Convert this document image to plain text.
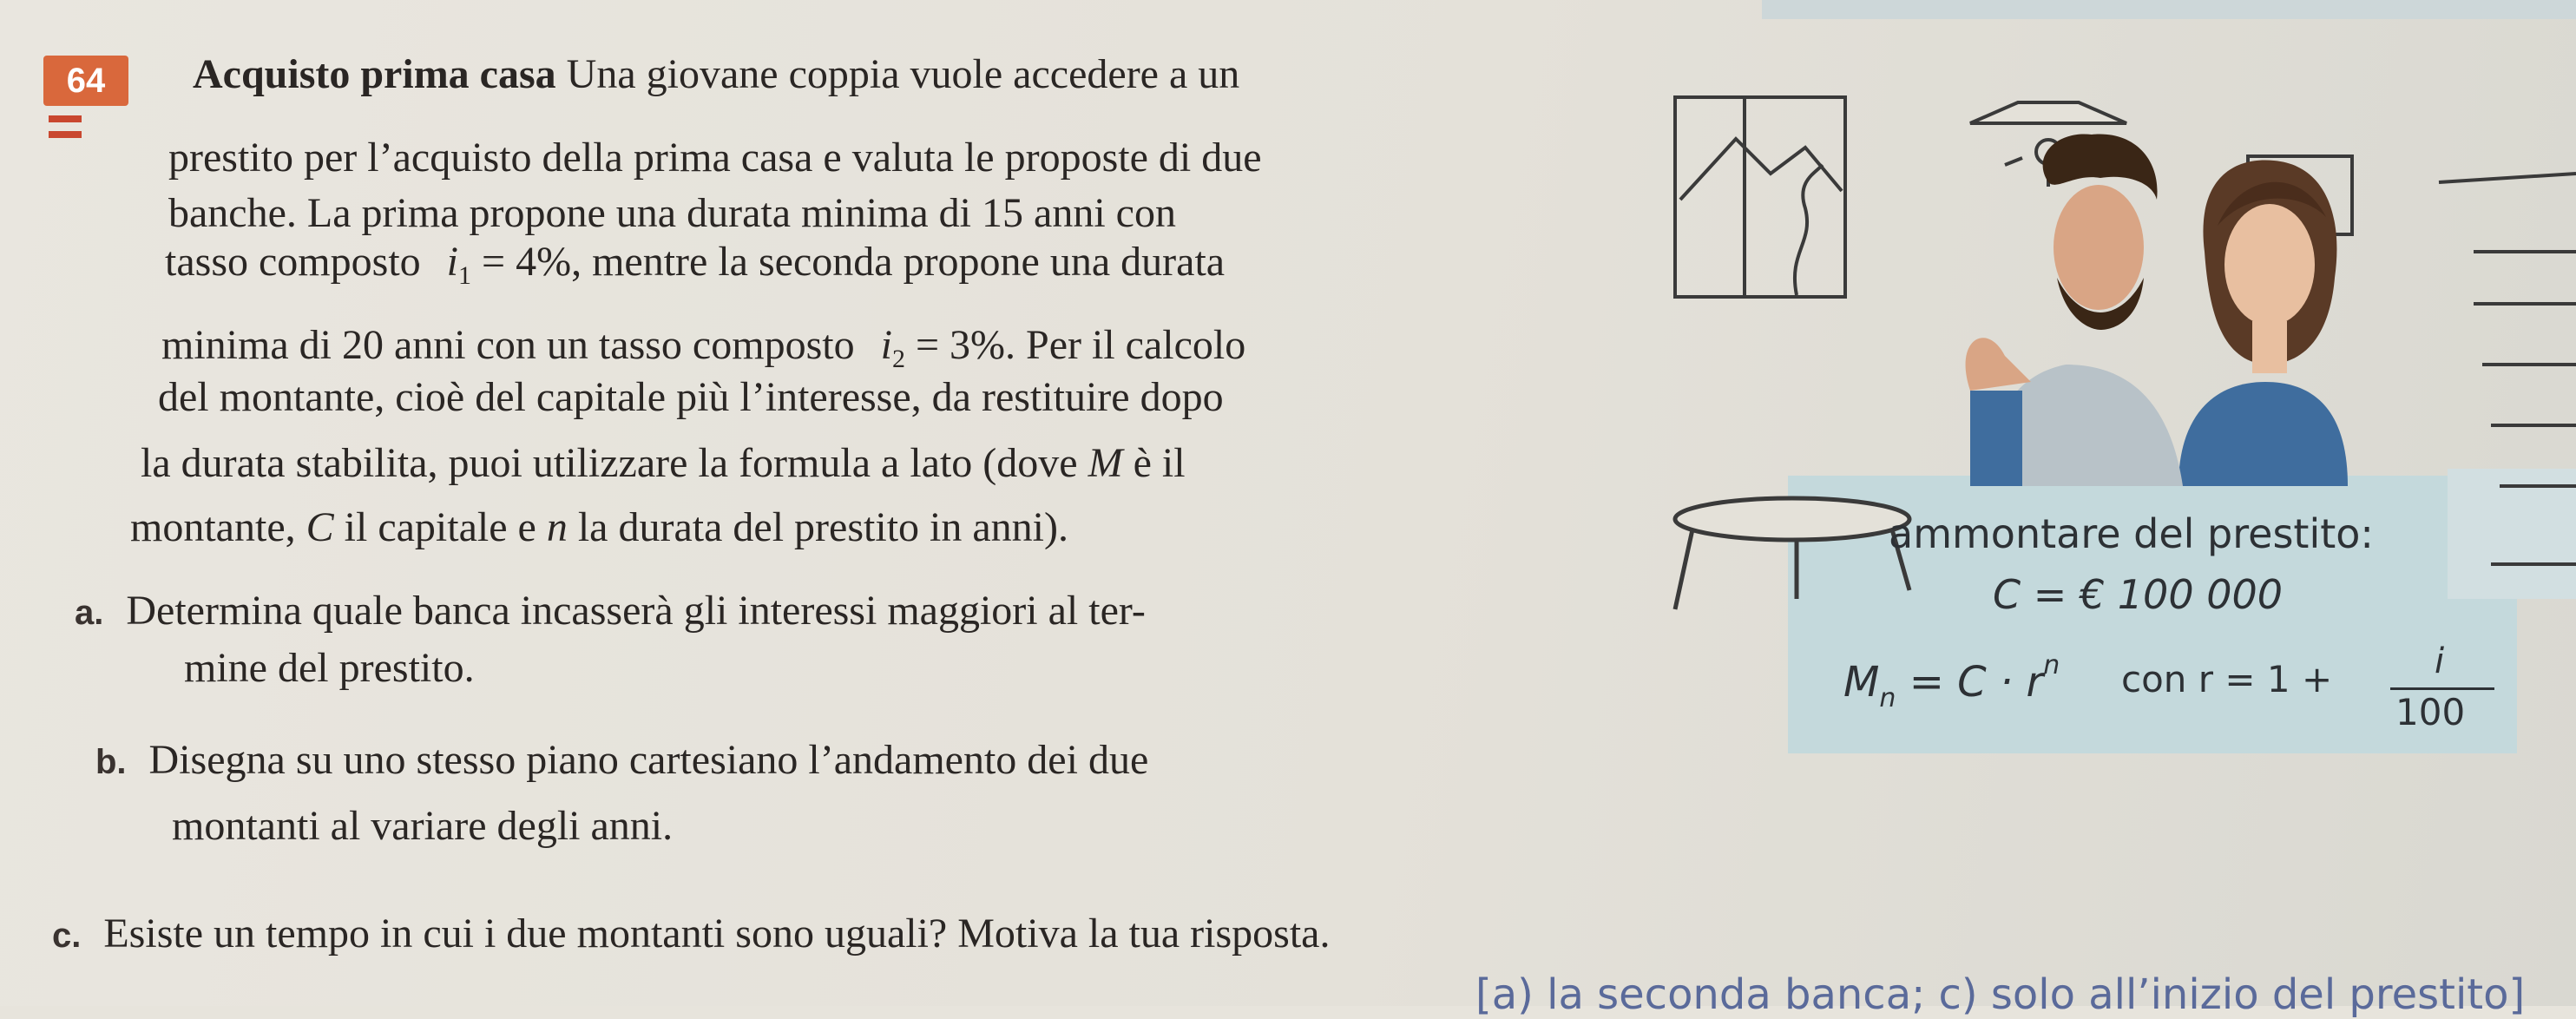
64	Acquisto prima casa Una giovane coppia vuole accedere a un
prestito per l’acquisto della prima casa e valuta le proposte di due
banche. La prima propone una durata minima di 15 anni con
tasso composto $i_1 = 4\%$, mentre la seconda propone una durata
minima di 20 anni con un tasso composto $i_2 = 3\%$. Per il calcolo
del montante, cioè del capitale più l’interesse, da restituire dopo
la durata stabilita, puoi utilizzare la formula a lato (dove M è il
montante, C il capitale e n la durata del prestito in anni).
a. Determina quale banca incasserà gli interessi maggiori al ter-
mine del prestito.
b. Disegna su uno stesso piano cartesiano l’andamento dei due
montanti al variare degli anni.
c. Esiste un tempo in cui i due montanti sono uguali? Motiva la tua risposta.
ammontare del prestito:
C = € 100 000
$M_n = C \cdot r^n$ con r = 1 +	i
100
[a) la seconda banca; c) solo all’inizio del prestito]
